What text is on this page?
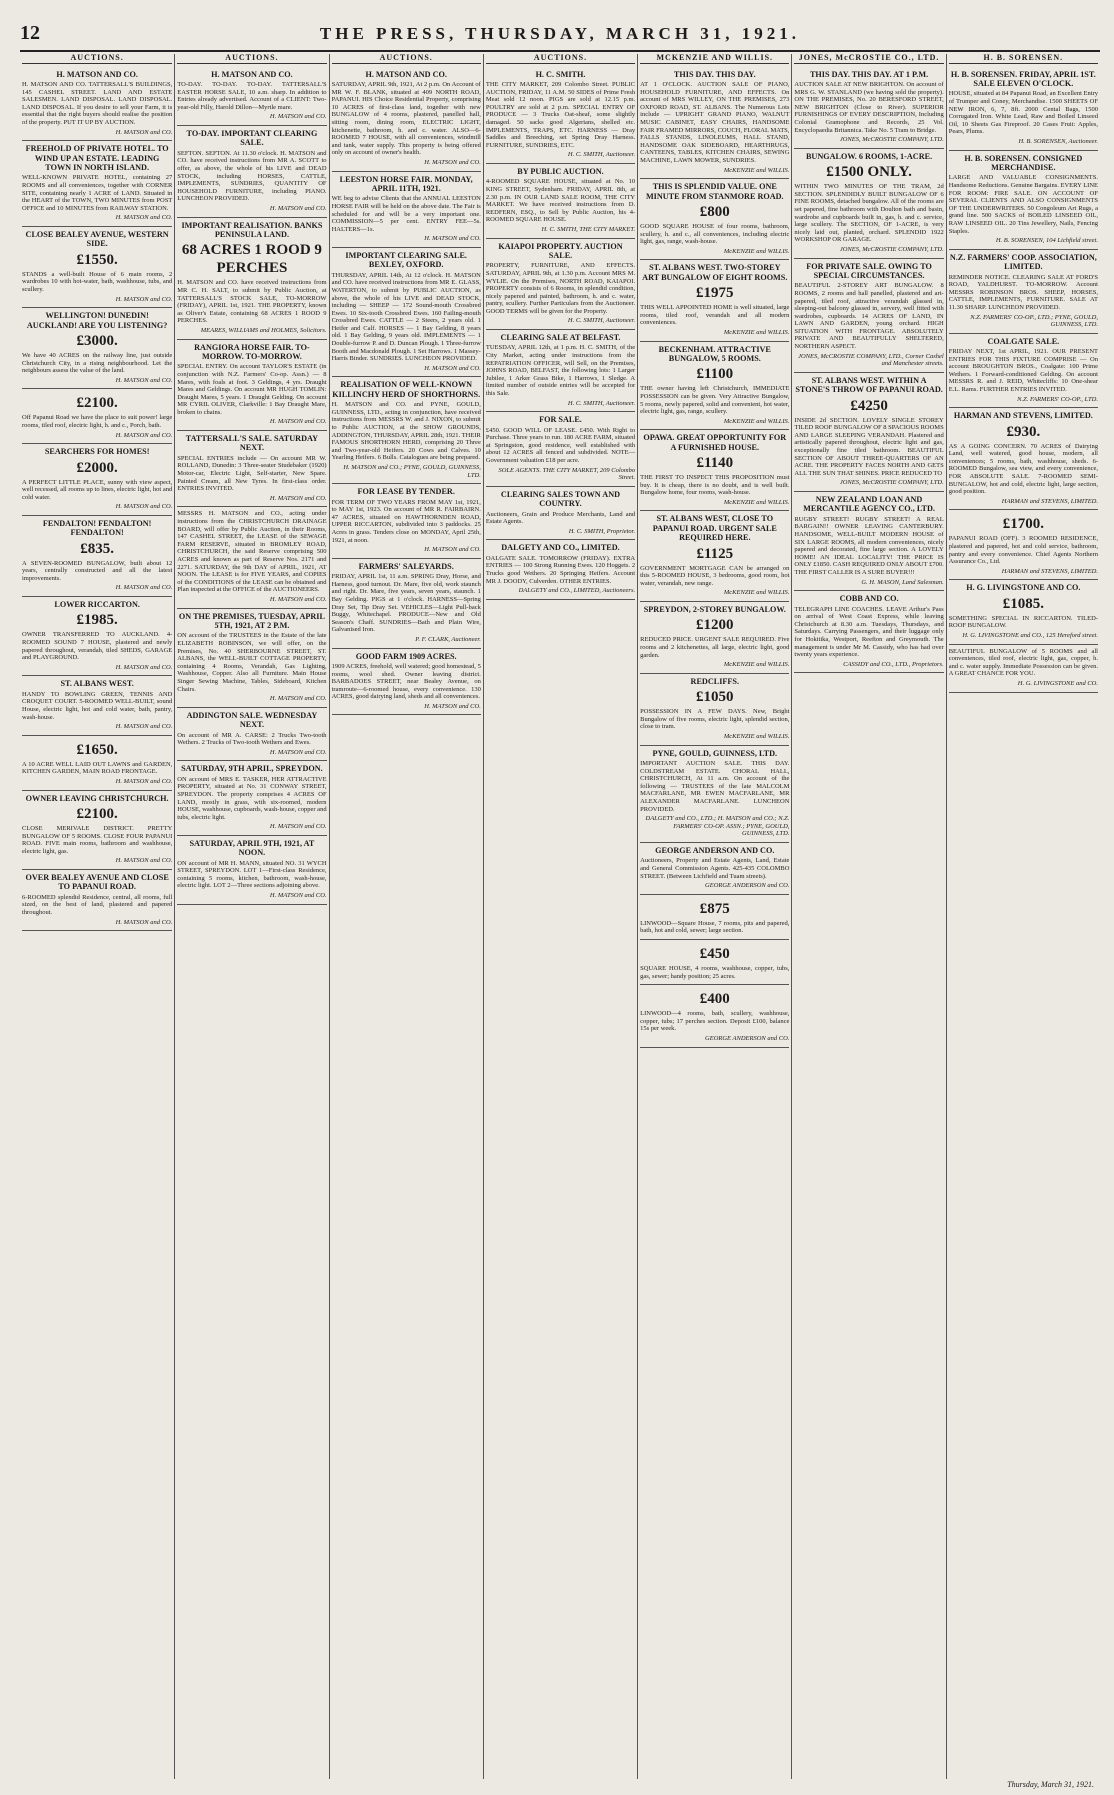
12	THE PRESS, THURSDAY, MARCH 31, 1921.
AUCTIONS.
H. MATSON AND CO.
H. MATSON AND CO. TATTERSALL'S BUILDINGS, 145 CASHEL STREET. LAND AND ESTATE SALESMEN. LAND DISPOSAL. LAND DISPOSAL. LAND DISPOSAL. If you desire to sell your Farm, it is essential that the right buyers should realise the position of the property. PUT IT UP BY AUCTION.
H. MATSON and CO.
FREEHOLD OF PRIVATE HOTEL. TO WIND UP AN ESTATE. LEADING TOWN IN NORTH ISLAND.
WELL-KNOWN PRIVATE HOTEL, containing 27 ROOMS and all conveniences, together with CORNER SITE, containing nearly 1 ACRE of LAND. Situated in the HEART of the TOWN, TWO MINUTES from POST OFFICE and 10 MINUTES from RAILWAY STATION.
H. MATSON and CO.
CLOSE BEALEY AVENUE, WESTERN SIDE.
£1550.
STANDS a well-built House of 6 main rooms, 2 wardrobes 10 with hot-water, bath, washhouse, tubs, and scullery.
H. MATSON and CO.
WELLINGTON! DUNEDIN! AUCKLAND! ARE YOU LISTENING?
£3000.
We have 40 ACRES on the railway line, just outside Christchurch City, in a rising neighbourhood. Let the neighbours assess the value of the land.
H. MATSON and CO.
£2100.
Off Papanui Road we have the place to suit power! large rooms, tiled roof, electric light, h. and c., Porch, bath.
H. MATSON and CO.
SEARCHERS FOR HOMES!
£2000.
A PERFECT LITTLE PLACE, sunny with view aspect, well recessed, all rooms up to lines, electric light, hot and cold water.
H. MATSON and CO.
FENDALTON! FENDALTON! FENDALTON!
£835.
A SEVEN-ROOMED BUNGALOW, built about 12 years, centrally constructed and all the latest improvements.
H. MATSON and CO.
LOWER RICCARTON.
£1985.
OWNER TRANSFERRED TO AUCKLAND. 4-ROOMED SOUND 7 HOUSE, plastered and newly papered throughout, verandah, tiled SHEDS, GARAGE and PLAYGROUND.
H. MATSON and CO.
ST. ALBANS WEST.
HANDY TO BOWLING GREEN, TENNIS AND CROQUET COURT. 5-ROOMED WELL-BUILT, sound House, electric light, hot and cold water, bath, pantry, wash-house.
H. MATSON and CO.
£1650.
A 10 ACRE WELL LAID OUT LAWNS and GARDEN, KITCHEN GARDEN, MAIN ROAD FRONTAGE.
H. MATSON and CO.
OWNER LEAVING CHRISTCHURCH.
£2100.
CLOSE MERIVALE DISTRICT. PRETTY BUNGALOW OF 5 ROOMS. CLOSE FOUR PAPANUI ROAD. FIVE main rooms, bathroom and washhouse, electric light, gas.
H. MATSON and CO.
OVER BEALEY AVENUE AND CLOSE TO PAPANUI ROAD.
6-ROOMED splendid Residence, central, all rooms, full sized, on the best of land, plastered and papered throughout.
H. MATSON and CO.
AUCTIONS.
H. MATSON AND CO.
TO-DAY. TO-DAY. TO-DAY. TATTERSALL'S EASTER HORSE SALE, 10 a.m. sharp. In addition to Entries already advertised. Account of a CLIENT: Two-year-old Filly, Harold Dillon—Myrtle mare.
H. MATSON and CO.
TO-DAY. IMPORTANT CLEARING SALE.
SEFTON. SEFTON. At 11.30 o'clock. H. MATSON and CO. have received instructions from MR A. SCOTT to offer, as above, the whole of his LIVE and DEAD STOCK, including HORSES, CATTLE, IMPLEMENTS, SUNDRIES, QUANTITY OF HOUSEHOLD FURNITURE, including PIANO. LUNCHEON PROVIDED.
H. MATSON and CO.
IMPORTANT REALISATION. BANKS PENINSULA LAND.
68 ACRES 1 ROOD 9 PERCHES
H. MATSON and CO. have received instructions from MR C. H. SALT, to submit by Public Auction, at TATTERSALL'S STOCK SALE, TO-MORROW (FRIDAY), APRIL 1st, 1921. THE PROPERTY, known as Oliver's Estate, containing 68 ACRES 1 ROOD 9 PERCHES.
MEARES, WILLIAMS and HOLMES, Solicitors.
RANGIORA HORSE FAIR. TO-MORROW. TO-MORROW.
SPECIAL ENTRY. On account TAYLOR'S ESTATE (in conjunction with N.Z. Farmers' Co-op. Assn.) — 8 Mares, with foals at foot. 3 Geldings, 4 yrs. Draught Mares and Geldings. On account MR HUGH TOMLIN: Draught Mares, 5 years. 1 Draught Gelding. On account MR CYRIL OLIVER, Clarkville: 1 Bay Draught Mare, broken to chains.
H. MATSON and CO.
TATTERSALL'S SALE. SATURDAY NEXT.
SPECIAL ENTRIES include — On account MR W. ROLLAND, Dunedin: 3 Three-seater Studebaker (1920) Motor-car, Electric Light, Self-starter, New Spare. Painted Cream, all New Tyres. In first-class order. ENTRIES INVITED.
H. MATSON and CO.
MESSRS H. MATSON and CO., acting under instructions from the CHRISTCHURCH DRAINAGE BOARD, will offer by Public Auction, in their Rooms, 147 CASHEL STREET, the LEASE of the SEWAGE FARM RESERVE, situated in BROMLEY ROAD, CHRISTCHURCH, the said Reserve comprising 500 ACRES and known as part of Reserve Nos. 2171 and 2271. SATURDAY, the 9th DAY of APRIL, 1921, AT NOON. The LEASE is for FIVE YEARS, and COPIES of the CONDITIONS of the LEASE can be obtained and Plan inspected at the OFFICE of the AUCTIONEERS.
H. MATSON and CO.
ON THE PREMISES, TUESDAY, APRIL 5TH, 1921, AT 2 P.M.
ON account of the TRUSTEES in the Estate of the late ELIZABETH ROBINSON, we will offer, on the Premises, No. 40 SHERBOURNE STREET, ST. ALBANS, the WELL-BUILT COTTAGE PROPERTY, containing 4 Rooms, Verandah, Gas Lighting, Washhouse, Copper. Also all Furniture. Main House Singer Sewing Machine, Tables, Sideboard, Kitchen Chairs.
H. MATSON and CO.
ADDINGTON SALE. WEDNESDAY NEXT.
On account of MR A. CARSE: 2 Trucks Two-tooth Wethers. 2 Trucks of Two-tooth Wethers and Ewes.
H. MATSON and CO.
SATURDAY, 9TH APRIL, SPREYDON.
ON account of MRS E. TASKER, HER ATTRACTIVE PROPERTY, situated at No. 31 CONWAY STREET, SPREYDON. The property comprises 4 ACRES OF LAND, mostly in grass, with six-roomed, modern HOUSE, washhouse, cupboards, wash-house, copper and tubs, electric light.
H. MATSON and CO.
SATURDAY, APRIL 9TH, 1921, AT NOON.
ON account of MR H. MANN, situated NO. 31 WYCH STREET, SPREYDON. LOT 1—First-class Residence, containing 5 rooms, kitchen, bathroom, wash-house, electric light. LOT 2—Three sections adjoining above.
H. MATSON and CO.
AUCTIONS.
H. MATSON AND CO.
SATURDAY, APRIL 9th, 1921, At 2 p.m. On Account of MR W. F. BLANK, situated at 409 NORTH ROAD, PAPANUI. HIS Choice Residential Property, comprising 10 ACRES of first-class land, together with new BUNGALOW of 4 rooms, plastered, panelled hall, sitting room, dining room, ELECTRIC LIGHT, kitchenette, bathroom, h. and c. water. ALSO—6-ROOMED 7 HOUSE, with all conveniences, windmill and tank, water supply. This property is being offered only on account of owner's health.
H. MATSON and CO.
LEESTON HORSE FAIR. MONDAY, APRIL 11TH, 1921.
WE beg to advise Clients that the ANNUAL LEESTON HORSE FAIR will be held on the above date. The Fair is scheduled for and will be a very important one. COMMISSION—5 per cent. ENTRY FEE—5s. HALTERS—1s.
H. MATSON and CO.
IMPORTANT CLEARING SALE. BEXLEY, OXFORD.
THURSDAY, APRIL 14th, At 12 o'clock. H. MATSON and CO. have received instructions from MR E. GLASS, WATERTON, to submit by PUBLIC AUCTION, as above, the whole of his LIVE and DEAD STOCK, including — SHEEP — 172 Sound-mouth Crossbred Ewes. 10 Six-tooth Crossbred Ewes. 160 Failing-mouth Crossbred Ewes. CATTLE — 2 Steers, 2 years old. 1 Heifer and Calf. HORSES — 1 Bay Gelding, 8 years old. 1 Bay Gelding, 9 years old. IMPLEMENTS — 1 Double-furrow P. and D. Duncan Plough. 1 Three-furrow Booth and Macdonald Plough. 1 Set Harrows. 1 Massey-Harris Binder. SUNDRIES. LUNCHEON PROVIDED.
H. MATSON and CO.
REALISATION OF WELL-KNOWN KILLINCHY HERD OF SHORTHORNS.
H. MATSON and CO. and PYNE, GOULD, GUINNESS, LTD., acting in conjunction, have received instructions from MESSRS W. and J. NIXON, to submit to Public AUCTION, at the SHOW GROUNDS, ADDINGTON, THURSDAY, APRIL 28th, 1921. THEIR FAMOUS SHORTHORN HERD, comprising 20 Three and Two-year-old Heifers. 20 Cows and Calves. 10 Yearling Heifers. 6 Bulls. Catalogues are being prepared.
H. MATSON and CO.; PYNE, GOULD, GUINNESS, LTD.
FOR LEASE BY TENDER.
FOR TERM OF TWO YEARS FROM MAY 1st, 1921, to MAY 1st, 1923. On account of MR R. FAIRBAIRN. 47 ACRES, situated on HAWTHORNDEN ROAD, UPPER RICCARTON, subdivided into 3 paddocks. 25 Acres in grass. Tenders close on MONDAY, April 25th, 1921, at noon.
H. MATSON and CO.
FARMERS' SALEYARDS.
FRIDAY, APRIL 1st, 11 a.m. SPRING Dray, Horse, and Harness, good turnout. Dr. Mare, five old, work staunch and right. Dr. Mare, five years, seven years, staunch. 1 Bay Gelding. PIGS at 1 o'clock. HARNESS—Spring Dray Set, Tip Dray Set. VEHICLES—Light Pull-back Buggy, Whitechapel. PRODUCE—New and Old Season's Chaff. SUNDRIES—Bath and Plain Wire, Galvanised Iron.
P. F. CLARK, Auctioneer.
GOOD FARM 1909 ACRES.
1909 ACRES, freehold, well watered; good homestead, 5 rooms, wool shed. Owner leaving district. BARBADOES STREET, near Bealey Avenue, on tramroute—6-roomed house, every convenience. 130 ACRES, good dairying land, sheds and all conveniences.
H. MATSON and CO.
AUCTIONS.
H. C. SMITH.
THE CITY MARKET, 209 Colombo Street. PUBLIC AUCTION, FRIDAY, 11 A.M. 50 SIDES of Prime Fresh Meat sold 12 noon. PIGS are sold at 12.15 p.m. POULTRY are sold at 2 p.m. SPECIAL ENTRY OF PRODUCE — 3 Trucks Oat-sheaf, some slightly damaged. 50 sacks good Algerians, shelled etc. IMPLEMENTS, TRAPS, ETC. HARNESS — Dray Saddles and Breeching, set Spring Dray Harness. FURNITURE, SUNDRIES, ETC.
H. C. SMITH, Auctioneer.
BY PUBLIC AUCTION.
4-ROOMED SQUARE HOUSE, situated at No. 10 KING STREET, Sydenham. FRIDAY, APRIL 8th, at 2.30 p.m. IN OUR LAND SALE ROOM, THE CITY MARKET. We have received instructions from D. REDFERN, ESQ., to Sell by Public Auction, his 4-ROOMED SQUARE HOUSE.
H. C. SMITH, THE CITY MARKET.
KAIAPOI PROPERTY. AUCTION SALE.
PROPERTY, FURNITURE, AND EFFECTS. SATURDAY, APRIL 9th, at 1.30 p.m. Account MRS M. WYLIE. On the Premises, NORTH ROAD, KAIAPOI. PROPERTY consists of 6 Rooms, in splendid condition, nicely papered and painted, bathroom, h. and c. water, pantry, scullery. Further Particulars from the Auctioneer. GOOD TERMS will be given for the Property.
H. C. SMITH, Auctioneer.
CLEARING SALE AT BELFAST.
TUESDAY, APRIL 12th, at 1 p.m. H. C. SMITH, of the City Market, acting under instructions from the REPATRIATION OFFICER, will Sell, on the Premises, JOHNS ROAD, BELFAST, the following lots: 1 Larger Jubilee, 1 Arker Grass Bike, 1 Harrows, 1 Sledge. A limited number of outside entries will be accepted for this Sale.
H. C. SMITH, Auctioneer.
FOR SALE.
£450. GOOD WILL OF LEASE. £450. With Right to Purchase. Three years to run. 180 ACRE FARM, situated at Springston, good residence, well established with about 12 ACRES all fenced and subdivided. NOTE—Government valuation £18 per acre.
SOLE AGENTS. THE CITY MARKET, 209 Colombo Street.
CLEARING SALES TOWN AND COUNTRY.
Auctioneers, Grain and Produce Merchants, Land and Estate Agents.
H. C. SMITH, Proprietor.
DALGETY AND CO., LIMITED.
OALGATE SALE. TOMORROW (FRIDAY). EXTRA ENTRIES — 100 Strong Running Ewes. 120 Hoggets. 2 Trucks good Wethers. 20 Springing Heifers. Account MR J. DOODY, Culverden. OTHER ENTRIES.
DALGETY and CO., LIMITED, Auctioneers.
MCKENZIE AND WILLIS.
THIS DAY. THIS DAY.
AT 1 O'CLOCK. AUCTION SALE OF PIANO, HOUSEHOLD FURNITURE, AND EFFECTS. On account of MRS WILLEY, ON THE PREMISES, 273 OXFORD ROAD, ST. ALBANS. The Numerous Lots include — UPRIGHT GRAND PIANO, WALNUT MUSIC CABINET, EASY CHAIRS, HANDSOME FAIR FRAMED MIRRORS, COUCH, FLORAL MATS, FALLS STANDS, LINOLEUMS, HALL STAND, HANDSOME OAK SIDEBOARD, HEARTHRUGS, CANTEENS, TABLES, KITCHEN CHAIRS, SEWING MACHINE, LAWN MOWER, SUNDRIES.
McKENZIE and WILLIS.
THIS IS SPLENDID VALUE. ONE MINUTE FROM STANMORE ROAD.
£800
GOOD SQUARE HOUSE of four rooms, bathroom, scullery, h. and c., all conveniences, including electric light, gas, range, wash-house.
McKENZIE and WILLIS.
ST. ALBANS WEST. TWO-STOREY ART BUNGALOW OF EIGHT ROOMS.
£1975
THIS WELL APPOINTED HOME is well situated, large rooms, tiled roof, verandah and all modern conveniences.
McKENZIE and WILLIS.
BECKENHAM. ATTRACTIVE BUNGALOW, 5 ROOMS.
£1100
THE owner having left Christchurch, IMMEDIATE POSSESSION can be given. Very Attractive Bungalow, 5 rooms, newly papered, solid and convenient, hot water, electric light, gas, range, scullery.
McKENZIE and WILLIS.
OPAWA. GREAT OPPORTUNITY FOR A FURNISHED HOUSE.
£1140
THE FIRST TO INSPECT THIS PROPOSITION must buy. It is cheap, there is no doubt, and is well built. Bungalow home, four rooms, wash-house.
McKENZIE and WILLIS.
ST. ALBANS WEST, CLOSE TO PAPANUI ROAD. URGENT SALE REQUIRED HERE.
£1125
GOVERNMENT MORTGAGE CAN be arranged on this 5-ROOMED HOUSE, 3 bedrooms, good room, hot water, verandah, new range.
McKENZIE and WILLIS.
SPREYDON, 2-STOREY BUNGALOW.
£1200
REDUCED PRICE. URGENT SALE REQUIRED. Five rooms and 2 kitchenettes, all large, electric light, good garden.
McKENZIE and WILLIS.
REDCLIFFS.
£1050
POSSESSION IN A FEW DAYS. New, Bright Bungalow of five rooms, electric light, splendid section, close to tram.
McKENZIE and WILLIS.
PYNE, GOULD, GUINNESS, LTD.
IMPORTANT AUCTION SALE. THIS DAY. COLDSTREAM ESTATE. CHORAL HALL, CHRISTCHURCH, At 11 a.m. On account of the following — TRUSTEES of the late MALCOLM MACFARLANE, MR EWEN MACFARLANE, MR ALEXANDER MACFARLANE. LUNCHEON PROVIDED.
DALGETY and CO., LTD.; H. MATSON and CO.; N.Z. FARMERS' CO-OP. ASSN.; PYNE, GOULD, GUINNESS, LTD.
GEORGE ANDERSON AND CO.
Auctioneers, Property and Estate Agents, Land, Estate and General Commission Agents. 425-435 COLOMBO STREET. (Between Lichfield and Tuam streets).
GEORGE ANDERSON and CO.
£875
LINWOOD—Square House, 7 rooms, pits and papered, bath, hot and cold, sewer; large section.
£450
SQUARE HOUSE, 4 rooms, washhouse, copper, tubs, gas, sewer; handy position; 25 acres.
£400
LINWOOD—4 rooms, bath, scullery, washhouse, copper, tubs; 17 perches section. Deposit £100, balance 15s per week.
GEORGE ANDERSON and CO.
JONES, McCROSTIE CO., LTD.
THIS DAY. THIS DAY. AT 1 P.M.
AUCTION SALE AT NEW BRIGHTON. On account of MRS G. W. STANLAND (we having sold the property). ON THE PREMISES, No. 20 BERESFORD STREET, NEW BRIGHTON (Close to River). SUPERIOR FURNISHINGS OF EVERY DESCRIPTION, Including Colonial Gramophone and Records, 25 Vol. Encyclopaedia Britannica. Take No. 5 Tram to Bridge.
JONES, McCROSTIE COMPANY, LTD.
BUNGALOW. 6 ROOMS, 1-ACRE.
£1500 ONLY.
WITHIN TWO MINUTES OF THE TRAM, 2d SECTION. SPLENDIDLY BUILT BUNGALOW OF 6 FINE ROOMS, detached bungalow. All of the rooms are set papered, fine bathroom with Doulton bath and basin, wardrobe and cupboards built in, gas, h. and c. service, large scullery. The SECTION, OF 1-ACRE, is very nicely laid out, planted, orchard. SPLENDID 1922 WORKSHOP OR GARAGE.
JONES, McCROSTIE COMPANY, LTD.
FOR PRIVATE SALE. OWING TO SPECIAL CIRCUMSTANCES.
BEAUTIFUL 2-STOREY ART BUNGALOW. 8 ROOMS, 2 rooms and hall panelled, plastered and art-papered, tiled roof, attractive verandah glassed in, sleeping-out balcony glassed in, servery, well fitted with wardrobes, cupboards. 14 ACRES OF LAND, IN LAWN AND GARDEN, young orchard. HIGH SITUATION WITH FRONTAGE. ABSOLUTELY PRIVATE AND BEAUTIFULLY SHELTERED, NORTHERN ASPECT.
JONES, McCROSTIE COMPANY, LTD., Corner Cashel and Manchester streets.
ST. ALBANS WEST. WITHIN A STONE'S THROW OF PAPANUI ROAD.
£4250
INSIDE 2d SECTION. LOVELY SINGLE STOREY TILED ROOF BUNGALOW OF 8 SPACIOUS ROOMS AND LARGE SLEEPING VERANDAH. Plastered and artistically papered throughout, electric light and gas, exceptionally fine tiled bathroom. BEAUTIFUL SECTION OF ABOUT THREE-QUARTERS OF AN ACRE. THE PROPERTY FACES NORTH AND GETS ALL THE SUN THAT SHINES. PRICE REDUCED TO
JONES, McCROSTIE COMPANY, LTD.
NEW ZEALAND LOAN AND MERCANTILE AGENCY CO., LTD.
RUGBY STREET! RUGBY STREET! A REAL BARGAIN!! OWNER LEAVING CANTERBURY. HANDSOME, WELL-BUILT MODERN HOUSE of SIX LARGE ROOMS, all modern conveniences, nicely papered and decorated, fine large section. A LOVELY HOME! AN IDEAL LOCALITY! THE PRICE IS ONLY £1850. CASH REQUIRED ONLY ABOUT £700. THE FIRST CALLER IS A SURE BUYER!!!
G. H. MASON, Land Salesman.
COBB AND CO.
TELEGRAPH LINE COACHES. LEAVE Arthur's Pass on arrival of West Coast Express, while leaving Christchurch at 8.30 a.m. Tuesdays, Thursdays, and Saturdays. Carrying Passengers, and their luggage only for Hokitika, Westport, Reefton and Greymouth. The management is under Mr M. Cassidy, who has had over twenty years experience.
CASSIDY and CO., LTD., Proprietors.
H. B. SORENSEN.
H. B. SORENSEN. FRIDAY, APRIL 1ST. SALE ELEVEN O'CLOCK.
HOUSE, situated at 84 Papanui Road, an Excellent Entry of Trumper and Coney, Merchandise. 1500 SHEETS OF NEW IRON, 6, 7, 8ft. 2000 Cental Bags, 1500 Corrugated Iron. White Lead, Raw and Boiled Linseed Oil, 10 Sheets Gas Fireproof. 20 Cases Fruit: Apples, Pears, Plums.
H. B. SORENSEN, Auctioneer.
H. B. SORENSEN. CONSIGNED MERCHANDISE.
LARGE AND VALUABLE CONSIGNMENTS. Handsome Reductions. Genuine Bargains. EVERY LINE FOR ROOM: FIRE SALE. ON ACCOUNT OF SEVERAL CLIENTS AND ALSO CONSIGNMENTS OF THE UNDERWRITERS. 50 Congoleum Art Rugs, a grand line. 500 SACKS of BOILED LINSEED OIL, RAW LINSEED OIL. 20 Tins Jewellery, Nails, Fencing Staples.
H. B. SORENSEN, 104 Lichfield street.
N.Z. FARMERS' COOP. ASSOCIATION, LIMITED.
REMINDER NOTICE. CLEARING SALE AT FORD'S ROAD, YALDHURST. TO-MORROW. Account MESSRS ROBINSON BROS. SHEEP, HORSES, CATTLE, IMPLEMENTS, FURNITURE. SALE AT 11.30 SHARP. LUNCHEON PROVIDED.
N.Z. FARMERS' CO-OP., LTD.; PYNE, GOULD, GUINNESS, LTD.
COALGATE SALE.
FRIDAY NEXT, 1st APRIL, 1921. OUR PRESENT ENTRIES FOR THIS FIXTURE COMPRISE — On account BROUGHTON BROS., Coalgate: 100 Prime Wethers. 1 Forward-conditioned Gelding. On account MESSRS R. and J. REID, Whitecliffs: 10 One-shear E.L. Rams. FURTHER ENTRIES INVITED.
N.Z. FARMERS' CO-OP., LTD.
HARMAN AND STEVENS, LIMITED.
£930.
AS A GOING CONCERN. 70 ACRES of Dairying Land, well watered, good house, modern, all conveniences; 5 rooms, bath, washhouse, sheds. 6-ROOMED Bungalow, sea view, and every convenience, FOR ABSOLUTE SALE. 7-ROOMED SEMI-BUNGALOW, hot and cold, electric light, large section, good position.
HARMAN and STEVENS, LIMITED.
£1700.
PAPANUI ROAD (OFF). 3 ROOMED RESIDENCE, plastered and papered, hot and cold service, bathroom, pantry and every convenience. Chief Agents Northern Assurance Co., Ltd.
HARMAN and STEVENS, LIMITED.
H. G. LIVINGSTONE AND CO.
£1085.
SOMETHING SPECIAL IN RICCARTON. TILED-ROOF BUNGALOW.
H. G. LIVINGSTONE and CO., 125 Hereford street.
BEAUTIFUL BUNGALOW of 5 ROOMS and all conveniences, tiled roof, electric light, gas, copper, h. and c. water supply. Immediate Possession can be given. A GREAT CHANCE FOR YOU.
H. G. LIVINGSTONE and CO.
Thursday, March 31, 1921.
